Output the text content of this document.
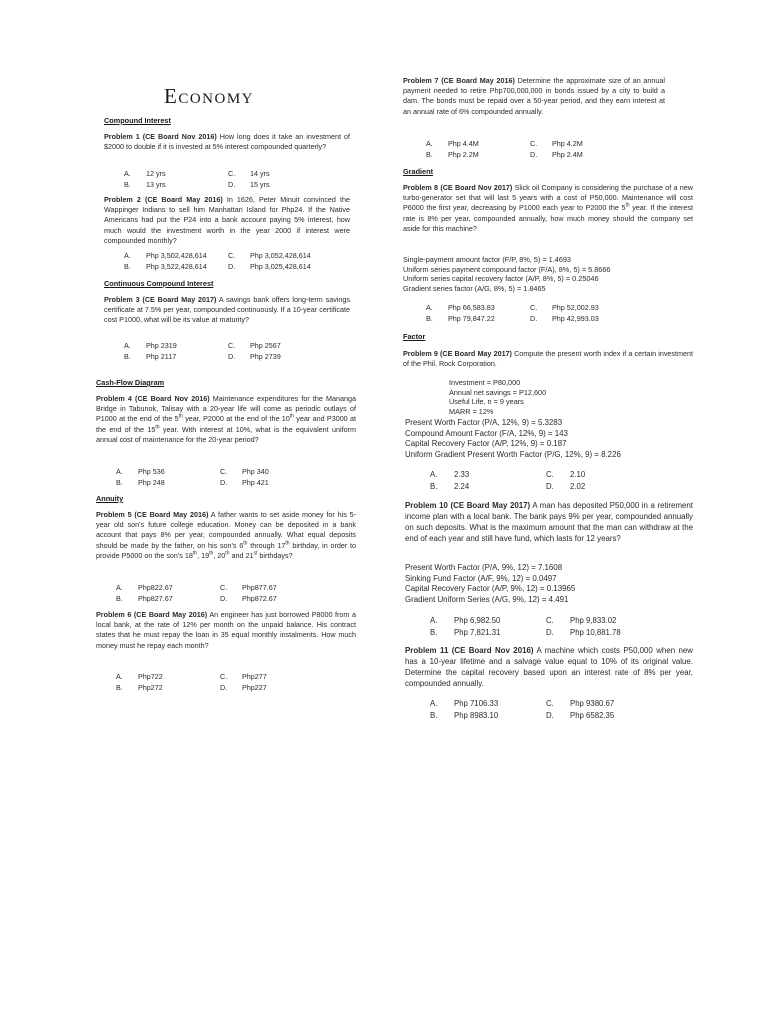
Economy
Compound Interest
Problem 1 (CE Board Nov 2016) How long does it take an investment of $2000 to double if it is invested at 5% interest compounded quarterly?
A.	12 yrs	C.	14 yrs
B.	13 yrs	D.	15 yrs
Problem 2 (CE Board May 2016) In 1626, Peter Minuit convinced the Wappinger Indians to sell him Manhattan Island for Php24. If the Native Americans had put the P24 into a bank account paying 5% interest, how much would the investment worth in the year 2000 if interest were compounded monthly?
A.	Php 3,502,428,614	C.	Php 3,052,428,614
B.	Php 3,522,428,614	D.	Php 3,025,428,614
Continuous Compound Interest
Problem 3 (CE Board May 2017) A savings bank offers long-term savings certificate at 7.5% per year, compounded continuously. If a 10-year certificate cost P1000, what will be its value at maturity?
A.	Php 2319	C.	Php 2567
B.	Php 2117	D.	Php 2739
Cash-Flow Diagram
Problem 4 (CE Board Nov 2016) Maintenance expenditures for the Mananga Bridge in Tabunok, Talisay with a 20-year life will come as periodic outlays of P1000 at the end of the 5th year, P2000 at the end of the 10th year and P3000 at the end of the 15th year. With interest at 10%, what is the equivalent uniform annual cost of maintenance for the 20-year period?
A.	Php 536	C.	Php 340
B.	Php 248	D.	Php 421
Annuity
Problem 5 (CE Board May 2016) A father wants to set aside money for his 5-year old son's future college education. Money can be deposited in a bank account that pays 8% per year, compounded annually. What equal deposits should be made by the father, on his son's 6th through 17th birthday, in order to provide P5000 on the son's 18th, 19th, 20th and 21st birthdays?
A.	Php822.67	C.	Php877.67
B.	Php827.67	D.	Php872.67
Problem 6 (CE Board May 2016) An engineer has just borrowed P8000 from a local bank, at the rate of 12% per month on the unpaid balance. His contract states that he must repay the loan in 35 equal monthly instalments. How much money must he repay each month?
A.	Php722	C.	Php277
B.	Php272	D.	Php227
Problem 7 (CE Board May 2016) Determine the approximate size of an annual payment needed to retire Php700,000,000 in bonds issued by a city to build a dam. The bonds must be repaid over a 50-year period, and they earn interest at an annual rate of 6% compounded annually.
A.	Php 4.4M	C.	Php 4.2M
B.	Php 2.2M	D.	Php 2.4M
Gradient
Problem 8 (CE Board Nov 2017) Slick oil Company is considering the purchase of a new turbo-generator set that will last 5 years with a cost of P50,000. Maintenance will cost P6000 the first year, decreasing by P1000 each year to P2000 the 5th year. If the interest rate is 8% per year, compounded annually, how much money should the company set aside for this machine?
Single-payment amount factor (F/P, 8%, 5) = 1.4693
Uniform series payment compound factor (F/A), 8%, 5) = 5.8666
Uniform series capital recovery factor (A/P, 8%, 5) = 0.25046
Gradient series factor (A/G, 8%, 5) = 1.8465
A.	Php 66,583.83	C.	Php 52,002.93
B.	Php 79,847.22	D.	Php 42,993.03
Factor
Problem 9 (CE Board May 2017) Compute the present worth index if a certain investment of the Phil. Rock Corporation.
Investment = P80,000
Annual net savings = P12,600
Useful Life, n = 9 years
MARR = 12%
Present Worth Factor (P/A, 12%, 9) = 5.3283
Compound Amount Factor (F/A, 12%, 9) = 143
Capital Recovery Factor (A/P, 12%, 9) = 0.187
Uniform Gradient Present Worth Factor (P/G, 12%, 9) = 8.226
A.	2.33	C.	2.10
B.	2.24	D.	2.02
Problem 10 (CE Board May 2017) A man has deposited P50,000 in a retirement income plan with a local bank. The bank pays 9% per year, compounded annually on such deposits. What is the maximum amount that the man can withdraw at the end of each year and still have fund, which lasts for 12 years?
Present Worth Factor (P/A, 9%, 12) = 7.1608
Sinking Fund Factor (A/F, 9%, 12) = 0.0497
Capital Recovery Factor (A/P, 9%, 12) = 0.13965
Gradient Uniform Series (A/G, 9%, 12) = 4.491
A.	Php 6,982.50	C.	Php 9,833.02
B.	Php 7,821.31	D.	Php 10,881.78
Problem 11 (CE Board Nov 2016) A machine which costs P50,000 when new has a 10-year lifetime and a salvage value equal to 10% of its original value. Determine the capital recovery based upon an interest rate of 8% per year, compounded annually.
A.	Php 7106.33	C.	Php 9380.67
B.	Php 8983.10	D.	Php 6582.35
